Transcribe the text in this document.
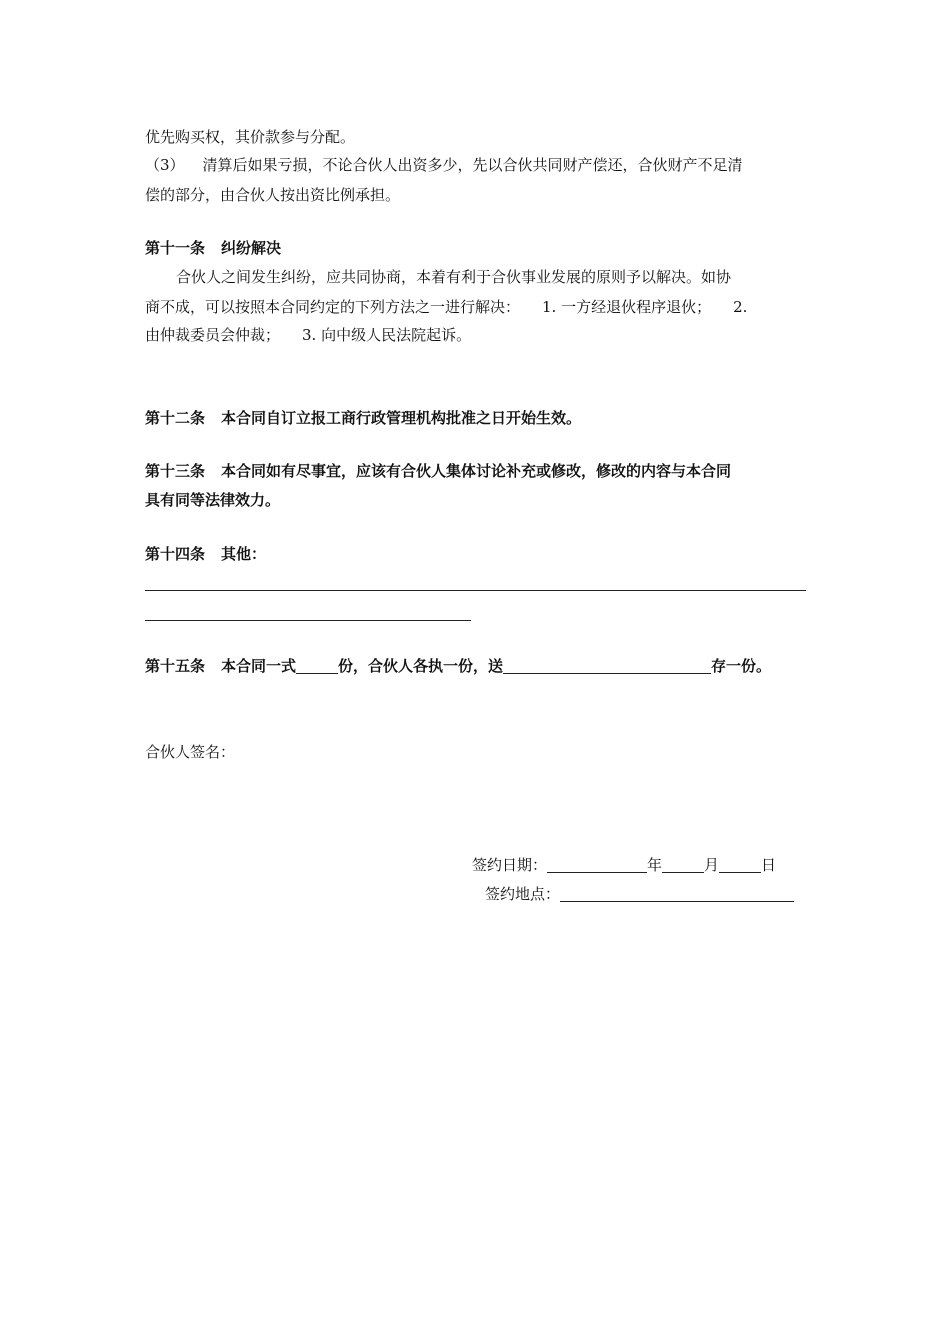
优先购买权，其价款参与分配。
（3） 清算后如果亏损，不论合伙人出资多少，先以合伙共同财产偿还，合伙财产不足清
偿的部分，由合伙人按出资比例承担。
第十一条 纠纷解决
合伙人之间发生纠纷，应共同协商，本着有利于合伙事业发展的原则予以解决。如协
商不成，可以按照本合同约定的下列方法之一进行解决： 1. 一方经退伙程序退伙； 2.
由仲裁委员会仲裁； 3. 向中级人民法院起诉。
第十二条 本合同自订立报工商行政管理机构批准之日开始生效。
第十三条 本合同如有尽事宜，应该有合伙人集体讨论补充或修改，修改的内容与本合同
具有同等法律效力。
第十四条 其他：
第十五条 本合同一式	份，合伙人各执一份，送	存一份。
合伙人签名：
签约日期：	年	月	日
签约地点：
